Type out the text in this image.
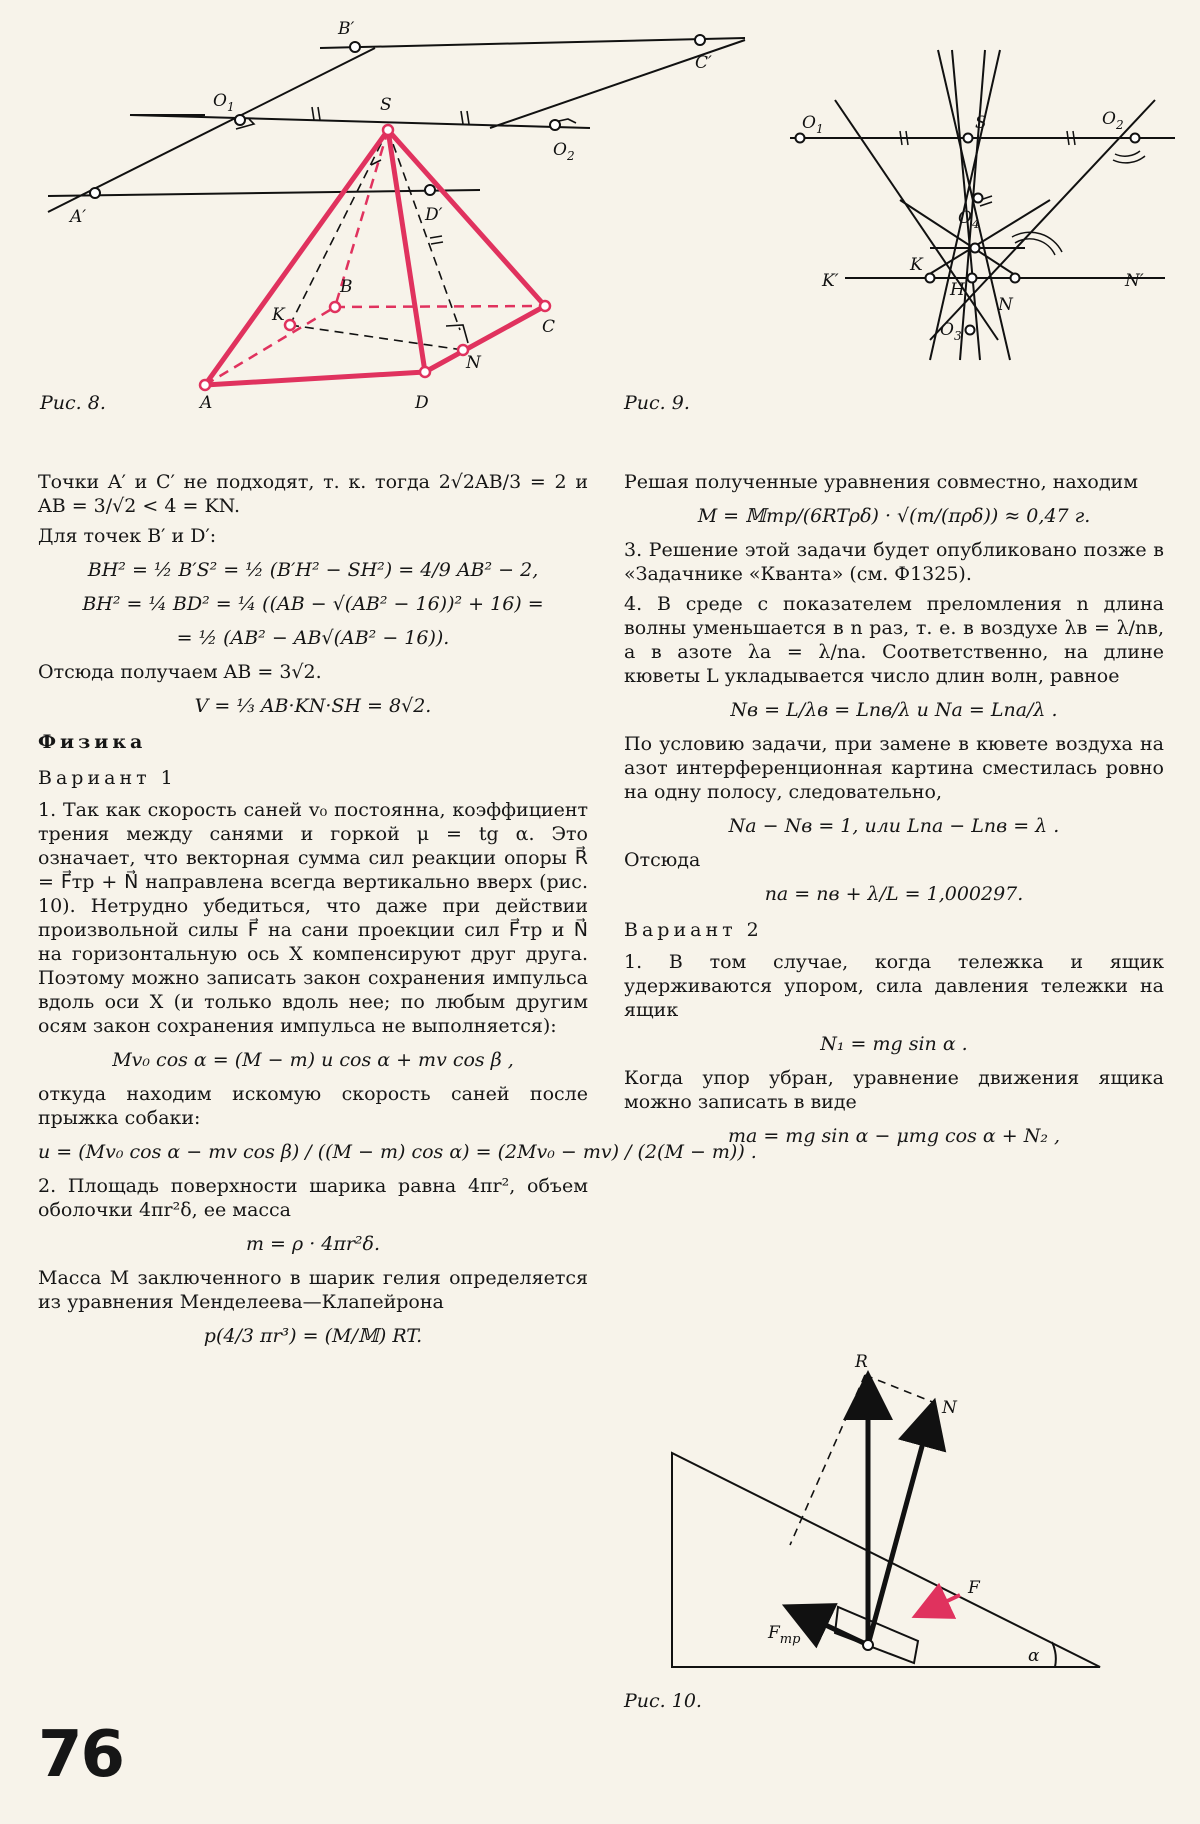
B′
C′
A′	D′
$O_1$
$O_2$
S
B
K
C
N
A	D
Рис. 8.
$O_1$	S	$O_2$
$O_4$
K
K′	H
N
N′
$O_3$
Рис. 9.

Точки A′ и C′ не подходят, т. к. тогда 2√2AB/3 = 2 и AB = 3/√2 < 4 = KN.

Для точек B′ и D′:

BH² = ½ B′S² = ½ (B′H² − SH²) = 4/9 AB² − 2,
BH² = ¼ BD² = ¼ ((AB − √(AB² − 16))² + 16) =
= ½ (AB² − AB√(AB² − 16)).

Отсюда получаем AB = 3√2.

V = ⅓ AB·KN·SH = 8√2.
Физика
Вариант 1

1. Так как скорость саней v₀ постоянна, коэффициент трения между санями и горкой μ = tg α. Это означает, что векторная сумма сил реакции опоры R⃗ = F⃗тр + N⃗ направлена всегда вертикально вверх (рис. 10). Нетрудно убедиться, что даже при действии произвольной силы F⃗ на сани проекции сил F⃗тр и N⃗ на горизонтальную ось X компенсируют друг друга. Поэтому можно записать закон сохранения импульса вдоль оси X (и только вдоль нее; по любым другим осям закон сохранения импульса не выполняется):

Mv₀ cos α = (M − m) u cos α + mv cos β ,

откуда находим искомую скорость саней после прыжка собаки:

u = (Mv₀ cos α − mv cos β) / ((M − m) cos α) = (2Mv₀ − mv) / (2(M − m)) .

2. Площадь поверхности шарика равна 4πr², объем оболочки 4πr²δ, ее масса

m = ρ · 4πr²δ.

Масса M заключенного в шарик гелия определяется из уравнения Менделеева—Клапейрона

p(4/3 πr³) = (M/𝕄) RT.

Решая полученные уравнения совместно, находим

M = 𝕄mp/(6RTρδ) · √(m/(πρδ)) ≈ 0,47 г.

3. Решение этой задачи будет опубликовано позже в «Задачнике «Кванта» (см. Ф1325).

4. В среде с показателем преломления n длина волны уменьшается в n раз, т. е. в воздухе λв = λ/nв, а в азоте λа = λ/nа. Соответственно, на длине кюветы L укладывается число длин волн, равное

Nв = L/λв = Lnв/λ и Nа = Lnа/λ .

По условию задачи, при замене в кювете воздуха на азот интерференционная картина сместилась ровно на одну полосу, следовательно,

Nа − Nв = 1, или Lnа − Lnв = λ .

Отсюда

nа = nв + λ/L = 1,000297.
Вариант 2

1. В том случае, когда тележка и ящик удерживаются упором, сила давления тележки на ящик

N₁ = mg sin α .

Когда упор убран, уравнение движения ящика можно записать в виде

ma = mg sin α − μmg cos α + N₂ ,
R
N
F
$F_{тр}$
α
Рис. 10.
76
